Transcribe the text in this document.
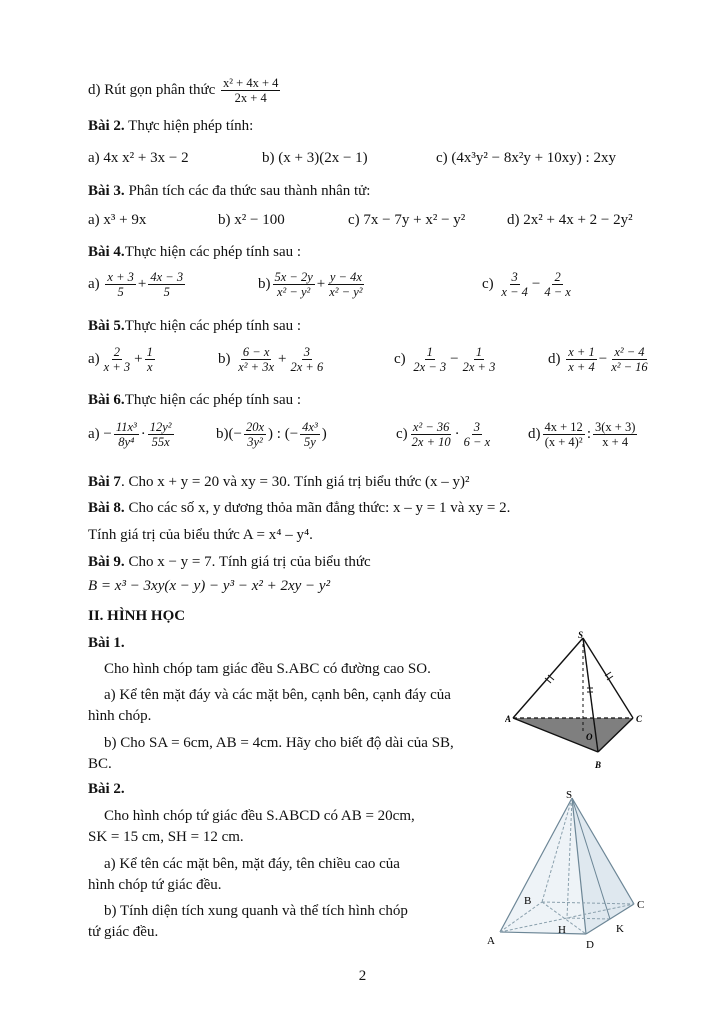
d) Rút gọn phân thức $\frac{\text{x² + 4x + 4}}{2x + 4}$
Bài 2. Thực hiện phép tính:
a) 4x x² + 3x − 2	b) (x + 3)(2x − 1)	c) (4x³y² − 8x²y + 10xy) : 2xy
Bài 3. Phân tích các đa thức sau thành nhân tử:
a) x³ + 9x	b) x² − 100	c) 7x − 7y + x² − y²	d) 2x² + 4x + 2 − 2y²
Bài 4.Thực hiện các phép tính sau :
$a) \frac{x + 3}{5} + \frac{4x - 3}{5}$	$b) \frac{5x - 2y}{\text{x² − y²}} + \frac{y - 4x}{\text{x² − y²}}$	$c) \frac{3}{x - 4} - \frac{2}{4 - x}$
Bài 5.Thực hiện các phép tính sau :
$a) \frac{2}{x + 3} + \frac{1}{x}$	$b) \frac{6 - x}{\text{x² + 3x}} + \frac{3}{2x + 6}$	$c) \frac{1}{2x - 3} - \frac{1}{2x + 3}$	$d) \frac{x + 1}{x + 4} - \frac{\text{x² − 4}}{\text{x² − 16}}$
Bài 6.Thực hiện các phép tính sau :
$a) - \frac{\text{11x³}}{\text{8y⁴}} \cdot \frac{\text{12y²}}{55x}$	$b)(- \frac{20x}{\text{3y²}}$ ) : (− $\frac{\text{4x³}}{5y}$ )	$c) \frac{\text{x² − 36}}{2x + 10} \cdot \frac{3}{6 - x} d) \frac{4x + 12}{\text{(x + 4)²}}$ : $\frac{3(x + 3)}{x + 4}$
Bài 7. Cho x + y = 20 và xy = 30. Tính giá trị biểu thức (x – y)²
Bài 8. Cho các số x, y dương thỏa mãn đẳng thức: x – y = 1 và xy = 2.
Tính giá trị của biểu thức A = x⁴ – y⁴.
Bài 9. Cho x − y = 7. Tính giá trị của biểu thức
B = x³ − 3xy(x − y) − y³ − x² + 2xy − y²
II. HÌNH HỌC
Bài 1.
Cho hình chóp tam giác đều S.ABC có đường cao SO.
a) Kể tên mặt đáy và các mặt bên, cạnh bên, cạnh đáy của
hình chóp.
b) Cho SA = 6cm, AB = 4cm. Hãy cho biết độ dài của SB,
BC.
Bài 2.
Cho hình chóp tứ giác đều S.ABCD có AB = 20cm,
SK = 15 cm, SH = 12 cm.
a) Kể tên các mặt bên, mặt đáy, tên chiều cao của
hình chóp tứ giác đều.
b) Tính diện tích xung quanh và thể tích hình chóp
tứ giác đều.
S
A	C
B
O
S
A
B	C
D
H	K
2
